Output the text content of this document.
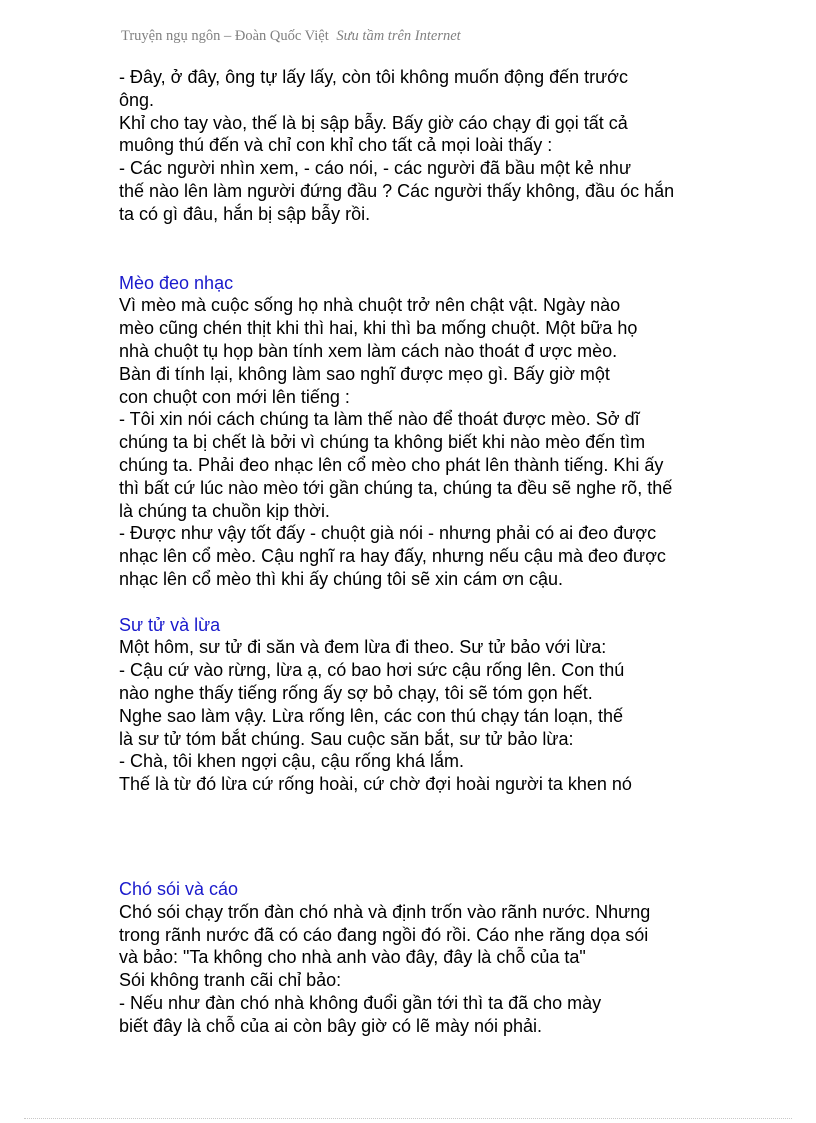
Truyện ngụ ngôn – Đoàn Quốc Việt Sưu tầm trên Internet
- Đây, ở đây, ông tự lấy lấy, còn tôi không muốn động đến trước
ông.
Khỉ cho tay vào, thế là bị sập bẫy. Bấy giờ cáo chạy đi gọi tất cả
muông thú đến và chỉ con khỉ cho tất cả mọi loài thấy :
- Các người nhìn xem, - cáo nói, - các người đã bầu một kẻ như
thế nào lên làm người đứng đầu ? Các người thấy không, đầu óc hắn
ta có gì đâu, hắn bị sập bẫy rồi.
Mèo đeo nhạc
Vì mèo mà cuộc sống họ nhà chuột trở nên chật vật. Ngày nào
mèo cũng chén thịt khi thì hai, khi thì ba mống chuột. Một bữa họ
nhà chuột tụ họp bàn tính xem làm cách nào thoát đ ược mèo.
Bàn đi tính lại, không làm sao nghĩ được mẹo gì. Bấy giờ một
con chuột con mới lên tiếng :
- Tôi xin nói cách chúng ta làm thế nào để thoát được mèo. Sở dĩ
chúng ta bị chết là bởi vì chúng ta không biết khi nào mèo đến tìm
chúng ta. Phải đeo nhạc lên cổ mèo cho phát lên thành tiếng. Khi ấy
thì bất cứ lúc nào mèo tới gần chúng ta, chúng ta đều sẽ nghe rõ, thế
là chúng ta chuồn kịp thời.
- Được như vậy tốt đấy - chuột già nói - nhưng phải có ai đeo được
nhạc lên cổ mèo. Cậu nghĩ ra hay đấy, nhưng nếu cậu mà đeo được
nhạc lên cổ mèo thì khi ấy chúng tôi sẽ xin cám ơn cậu.
Sư tử và lừa
Một hôm, sư tử đi săn và đem lừa đi theo. Sư tử bảo với lừa:
- Cậu cứ vào rừng, lừa ạ, có bao hơi sức cậu rống lên. Con thú
nào nghe thấy tiếng rống ấy sợ bỏ chạy, tôi sẽ tóm gọn hết.
Nghe sao làm vậy. Lừa rống lên, các con thú chạy tán loạn, thế
là sư tử tóm bắt chúng. Sau cuộc săn bắt, sư tử bảo lừa:
- Chà, tôi khen ngợi cậu, cậu rống khá lắm.
Thế là từ đó lừa cứ rống hoài, cứ chờ đợi hoài người ta khen nó
Chó sói và cáo
Chó sói chạy trốn đàn chó nhà và định trốn vào rãnh nước. Nhưng
trong rãnh nước đã có cáo đang ngồi đó rồi. Cáo nhe răng dọa sói
và bảo: "Ta không cho nhà anh vào đây, đây là chỗ của ta"
Sói không tranh cãi chỉ bảo:
- Nếu như đàn chó nhà không đuổi gần tới thì ta đã cho mày
biết đây là chỗ của ai còn bây giờ có lẽ mày nói phải.
